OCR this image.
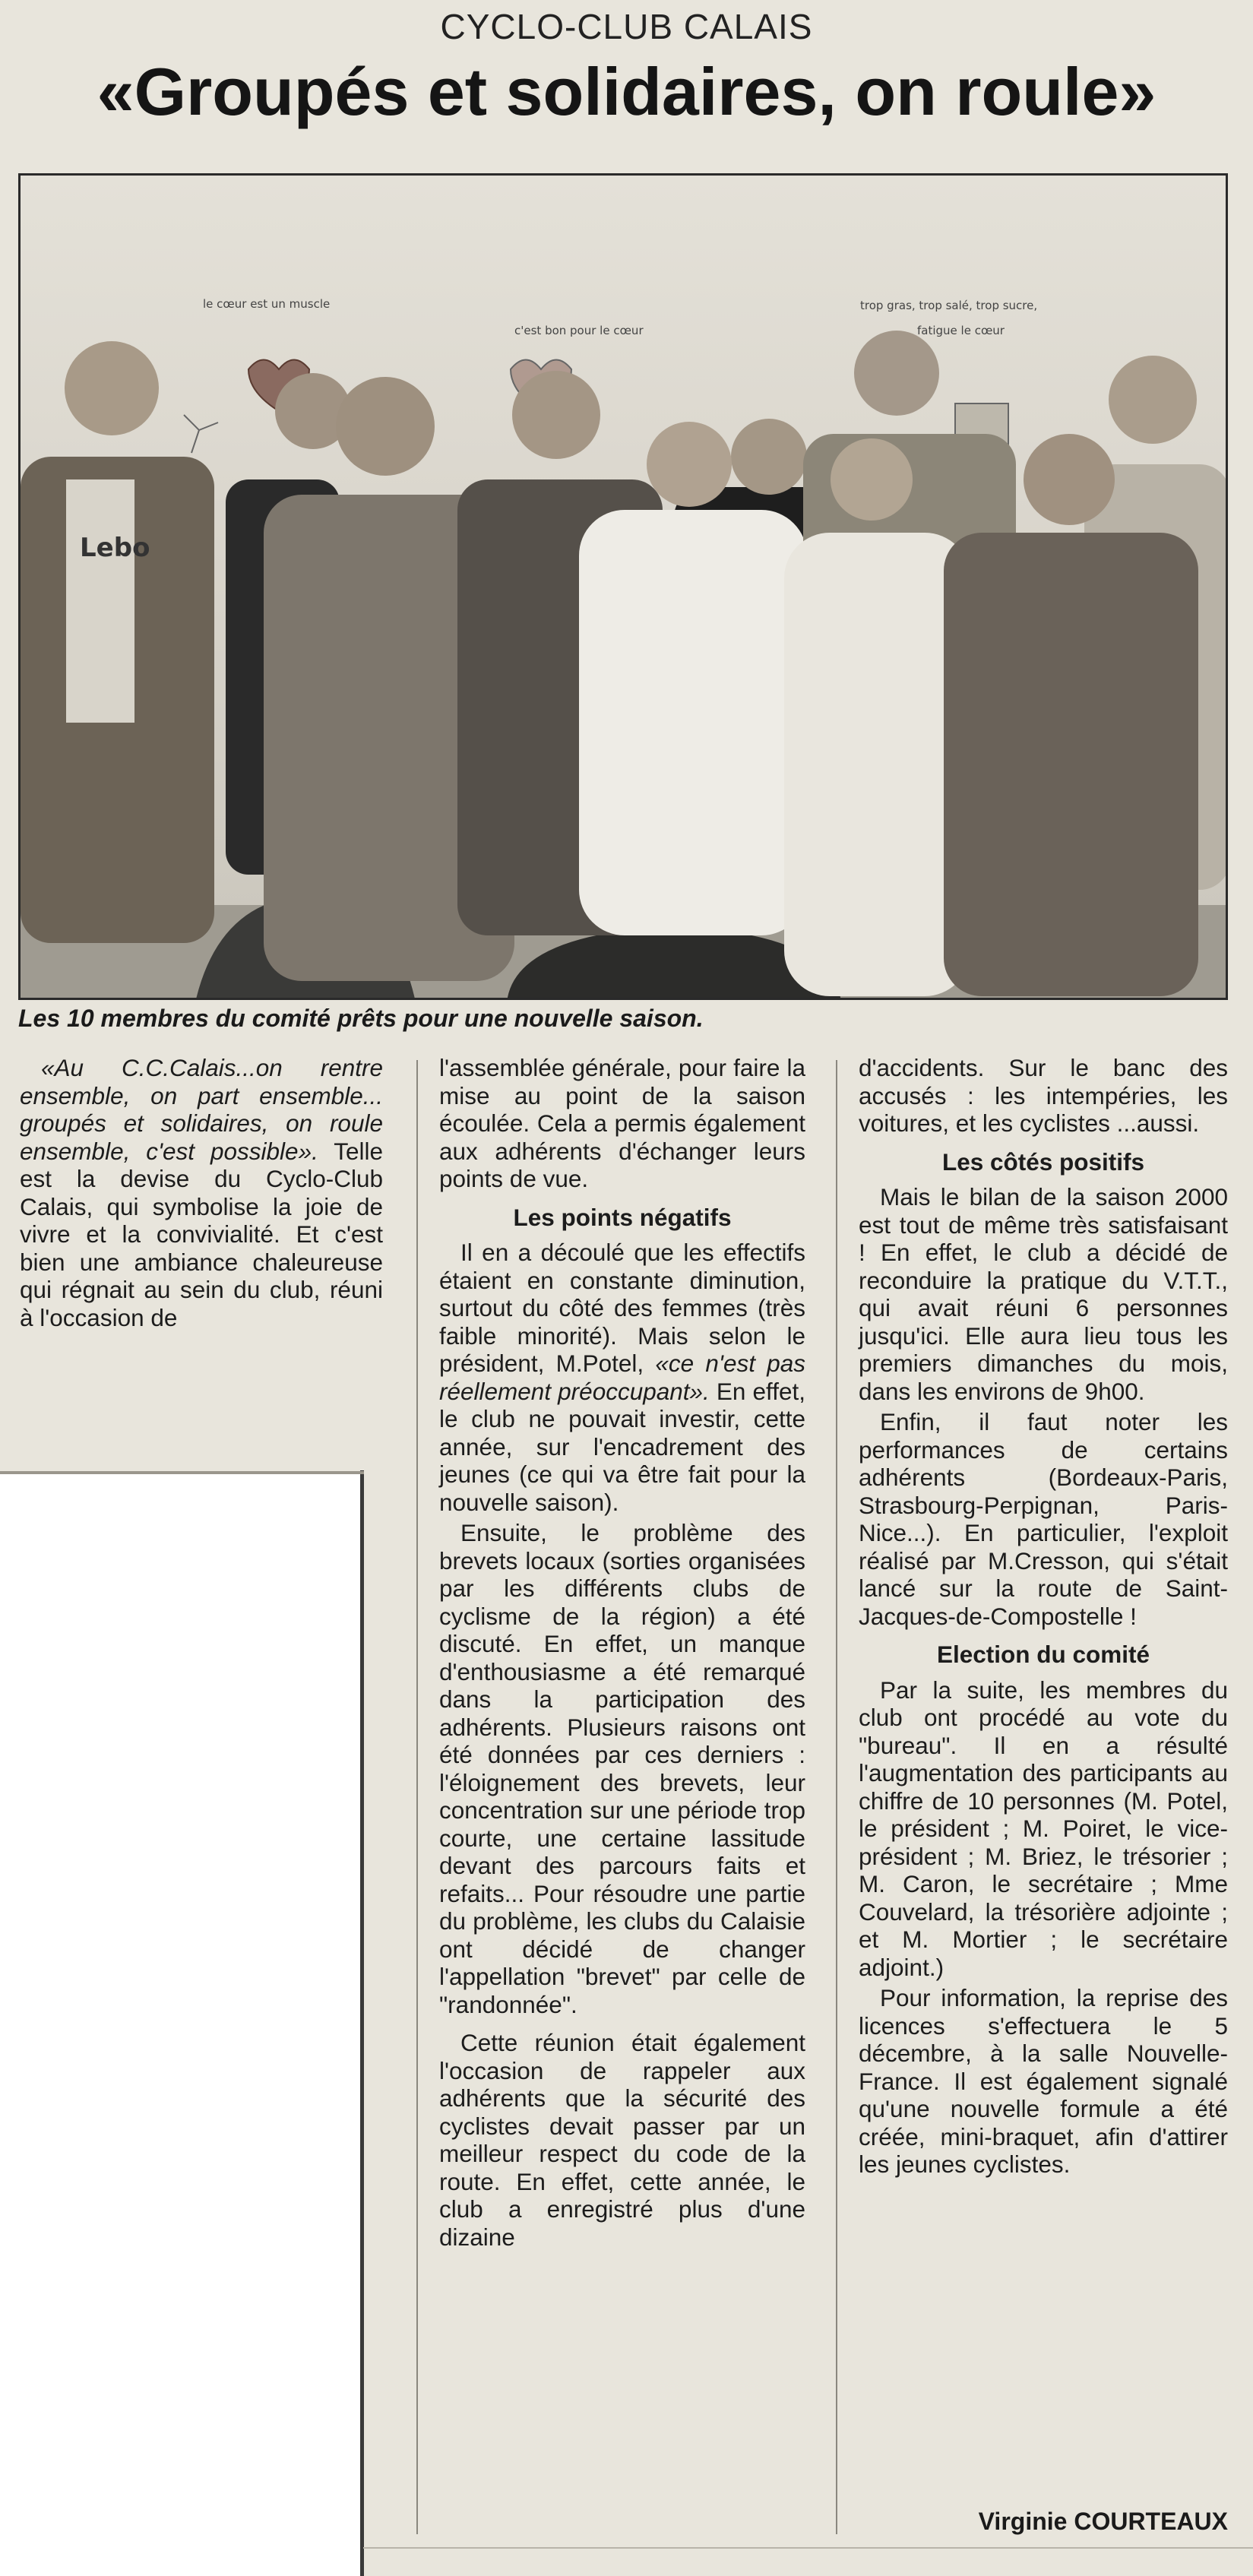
CYCLO-CLUB CALAIS
«Groupés et solidaires, on roule»
le cœur est un muscle
c'est bon pour le cœur
trop gras, trop salé, trop sucre,
fatigue le cœur
Lebo
Les 10 membres du comité prêts pour une nouvelle saison.

«Au C.C.Calais...on rentre ensemble, on part ensemble... groupés et solidaires, on roule ensemble, c'est possible». Telle est la devise du Cyclo-Club Calais, qui symbolise la joie de vivre et la convivialité. Et c'est bien une ambiance chaleureuse qui régnait au sein du club, réuni à l'occasion de

l'assemblée générale, pour faire la mise au point de la saison écoulée. Cela a permis également aux adhérents d'échanger leurs points de vue.

Les points négatifs

Il en a découlé que les effectifs étaient en constante diminution, surtout du côté des femmes (très faible minorité). Mais selon le président, M.Potel, «ce n'est pas réellement préoccupant». En effet, le club ne pouvait investir, cette année, sur l'encadrement des jeunes (ce qui va être fait pour la nouvelle saison).

Ensuite, le problème des brevets locaux (sorties organisées par les différents clubs de cyclisme de la région) a été discuté. En effet, un manque d'enthousiasme a été remarqué dans la participation des adhérents. Plusieurs raisons ont été données par ces derniers : l'éloignement des brevets, leur concentration sur une période trop courte, une certaine lassitude devant des parcours faits et refaits... Pour résoudre une partie du problème, les clubs du Calaisie ont décidé de changer l'appellation "brevet" par celle de "randonnée".

Cette réunion était également l'occasion de rappeler aux adhérents que la sécurité des cyclistes devait passer par un meilleur respect du code de la route. En effet, cette année, le club a enregistré plus d'une dizaine

d'accidents. Sur le banc des accusés : les intempéries, les voitures, et les cyclistes ...aussi.

Les côtés positifs

Mais le bilan de la saison 2000 est tout de même très satisfaisant ! En effet, le club a décidé de reconduire la pratique du V.T.T., qui avait réuni 6 personnes jusqu'ici. Elle aura lieu tous les premiers dimanches du mois, dans les environs de 9h00.

Enfin, il faut noter les performances de certains adhérents (Bordeaux-Paris, Strasbourg-Perpignan, Paris-Nice...). En particulier, l'exploit réalisé par M.Cresson, qui s'était lancé sur la route de Saint-Jacques-de-Compostelle !

Election du comité

Par la suite, les membres du club ont procédé au vote du "bureau". Il en a résulté l'augmentation des participants au chiffre de 10 personnes (M. Potel, le président ; M. Poiret, le vice-président ; M. Briez, le trésorier ; M. Caron, le secrétaire ; Mme Couvelard, la trésorière adjointe ; et M. Mortier ; le secrétaire adjoint.)

Pour information, la reprise des licences s'effectuera le 5 décembre, à la salle Nouvelle-France. Il est également signalé qu'une nouvelle formule a été créée, mini-braquet, afin d'attirer les jeunes cyclistes.

Virginie COURTEAUX
